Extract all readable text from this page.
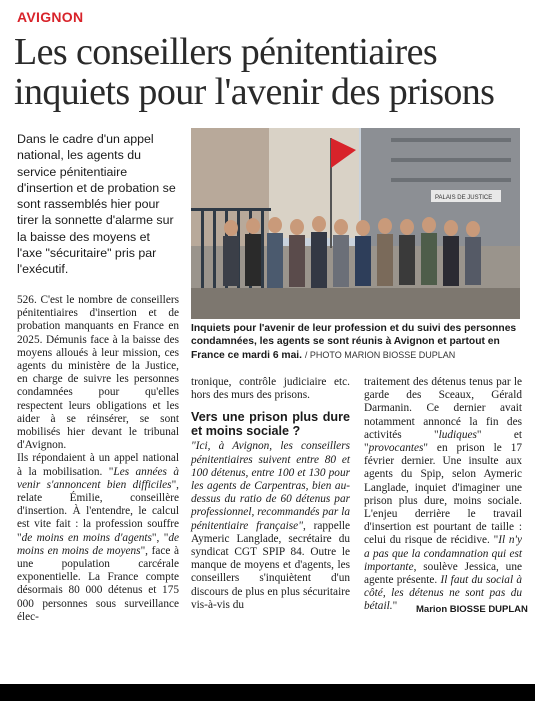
AVIGNON
Les conseillers pénitentiaires inquiets pour l'avenir des prisons
Dans le cadre d'un appel national, les agents du service pénitentiaire d'insertion et de probation se sont rassemblés hier pour tirer la sonnette d'alarme sur la baisse des moyens et l'axe "sécuritaire" pris par l'exécutif.
PALAIS DE JUSTICE
Inquiets pour l'avenir de leur profession et du suivi des personnes condamnées, les agents se sont réunis à Avignon et partout en France ce mardi 6 mai. / PHOTO MARION BIOSSE DUPLAN

526. C'est le nombre de conseillers pénitentiaires d'insertion et de probation manquants en France en 2025. Démunis face à la baisse des moyens alloués à leur mission, ces agents du ministère de la Justice, en charge de suivre les personnes condamnées pour qu'elles respectent leurs obligations et les aider à se réinsérer, se sont mobilisés hier devant le tribunal d'Avignon.

Ils répondaient à un appel national à la mobilisation. "Les années à venir s'annoncent bien difficiles", relate Émilie, conseillère d'insertion. À l'entendre, le calcul est vite fait : la profession souffre "de moins en moins d'agents", "de moins en moins de moyens", face à une population carcérale exponentielle. La France compte désormais 80 000 détenus et 175 000 personnes sous surveillance élec-

tronique, contrôle judiciaire etc. hors des murs des prisons.

Vers une prison plus dure et moins sociale ?

"Ici, à Avignon, les conseillers pénitentiaires suivent entre 80 et 100 détenus, entre 100 et 130 pour les agents de Carpentras, bien au-dessus du ratio de 60 détenus par professionnel, recommandés par la pénitentiaire française", rappelle Aymeric Langlade, secrétaire du syndicat CGT SPIP 84. Outre le manque de moyens et d'agents, les conseillers s'inquiètent d'un discours de plus en plus sécuritaire vis-à-vis du

traitement des détenus tenus par le garde des Sceaux, Gérald Darmanin. Ce dernier avait notamment annoncé la fin des activités "ludiques" et "provocantes" en prison le 17 février dernier. Une insulte aux agents du Spip, selon Aymeric Langlade, inquiet d'imaginer une prison plus dure, moins sociale. L'enjeu derrière le travail d'insertion est pourtant de taille : celui du risque de récidive. "Il n'y a pas que la condamnation qui est importante, soulève Jessica, une agente présente. Il faut du social à côté, les détenus ne sont pas du bétail."	Marion BIOSSE DUPLAN
